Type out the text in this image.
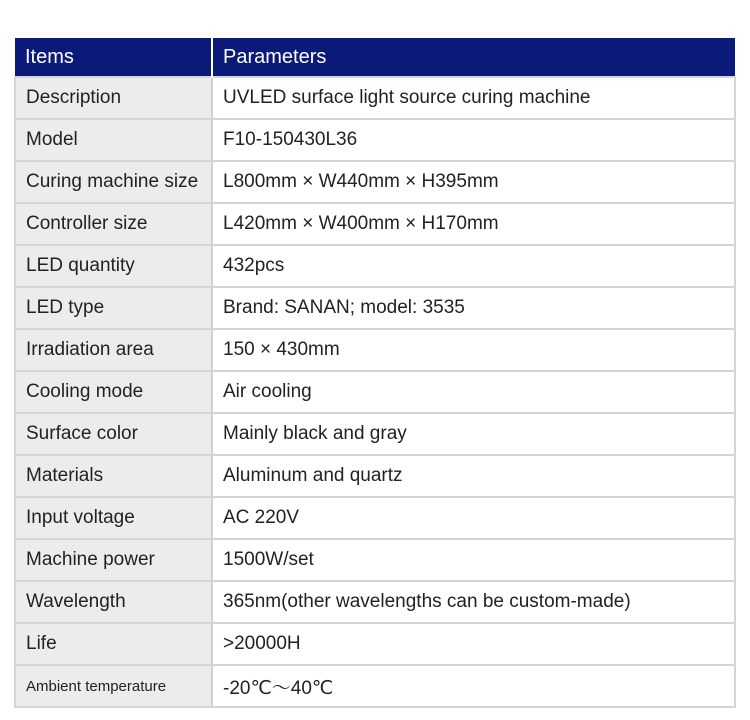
Items	Parameters
Description	UVLED surface light source curing machine
Model	F10-150430L36
Curing machine size	L800mm × W440mm × H395mm
Controller size	L420mm × W400mm × H170mm
LED quantity	432pcs
LED type	Brand: SANAN; model: 3535
Irradiation area	150 × 430mm
Cooling mode	Air cooling
Surface color	Mainly black and gray
Materials	Aluminum and quartz
Input voltage	AC 220V
Machine power	1500W/set
Wavelength	365nm(other wavelengths can be custom-made)
Life	>20000H
Ambient temperature	-20℃～40℃
